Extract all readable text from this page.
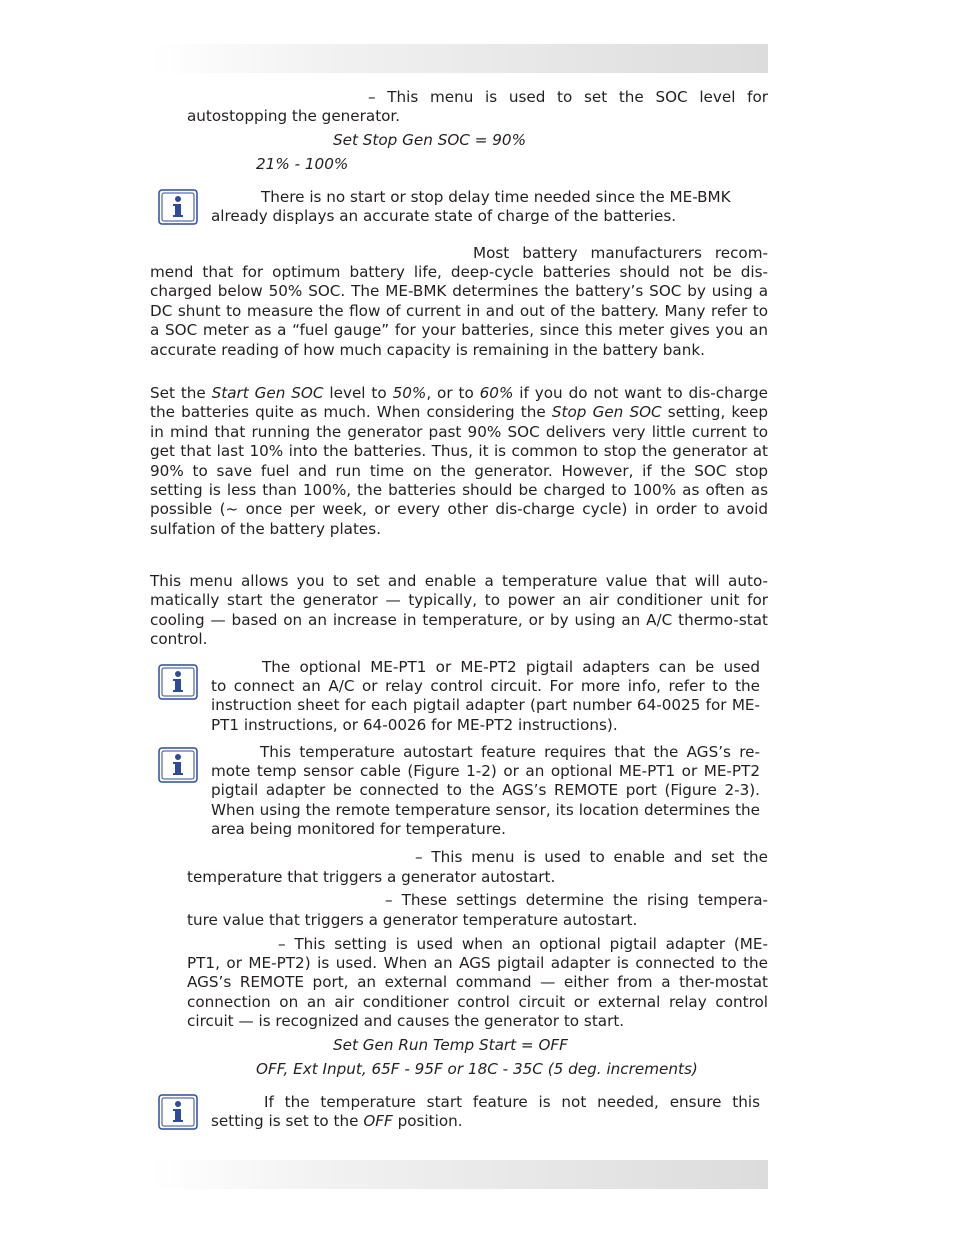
– This menu is used to set the SOC level for

autostopping the generator.

Set Stop Gen SOC = 90%

21% - 100%

There is no start or stop delay time needed since the ME-BMK

already displays an accurate state of charge of the batteries.

Most battery manufacturers recom-

mend that for optimum battery life, deep-cycle batteries should not be dis-charged below 50% SOC. The ME-BMK determines the battery’s SOC by using a DC shunt to measure the flow of current in and out of the battery. Many refer to a SOC meter as a “fuel gauge” for your batteries, since this meter gives you an accurate reading of how much capacity is remaining in the battery bank.

Set the Start Gen SOC level to 50%, or to 60% if you do not want to dis-charge the batteries quite as much. When considering the Stop Gen SOC setting, keep in mind that running the generator past 90% SOC delivers very little current to get that last 10% into the batteries. Thus, it is common to stop the generator at 90% to save fuel and run time on the generator. However, if the SOC stop setting is less than 100%, the batteries should be charged to 100% as often as possible (~ once per week, or every other dis-charge cycle) in order to avoid sulfation of the battery plates.

This menu allows you to set and enable a temperature value that will auto-matically start the generator — typically, to power an air conditioner unit for cooling — based on an increase in temperature, or by using an A/C thermo-stat control.

The optional ME-PT1 or ME-PT2 pigtail adapters can be used

to connect an A/C or relay control circuit. For more info, refer to the instruction sheet for each pigtail adapter (part number 64-0025 for ME-PT1 instructions, or 64-0026 for ME-PT2 instructions).

This temperature autostart feature requires that the AGS’s re-

mote temp sensor cable (Figure 1-2) or an optional ME-PT1 or ME-PT2 pigtail adapter be connected to the AGS’s REMOTE port (Figure 2-3). When using the remote temperature sensor, its location determines the area being monitored for temperature.

– This menu is used to enable and set the

temperature that triggers a generator autostart.

– These settings determine the rising tempera-

ture value that triggers a generator temperature autostart.

– This setting is used when an optional pigtail adapter (ME-

PT1, or ME-PT2) is used. When an AGS pigtail adapter is connected to the AGS’s REMOTE port, an external command — either from a ther-mostat connection on an air conditioner control circuit or external relay control circuit — is recognized and causes the generator to start.

Set Gen Run Temp Start = OFF

OFF, Ext Input, 65F - 95F or 18C - 35C (5 deg. increments)

If the temperature start feature is not needed, ensure this

setting is set to the OFF position.
